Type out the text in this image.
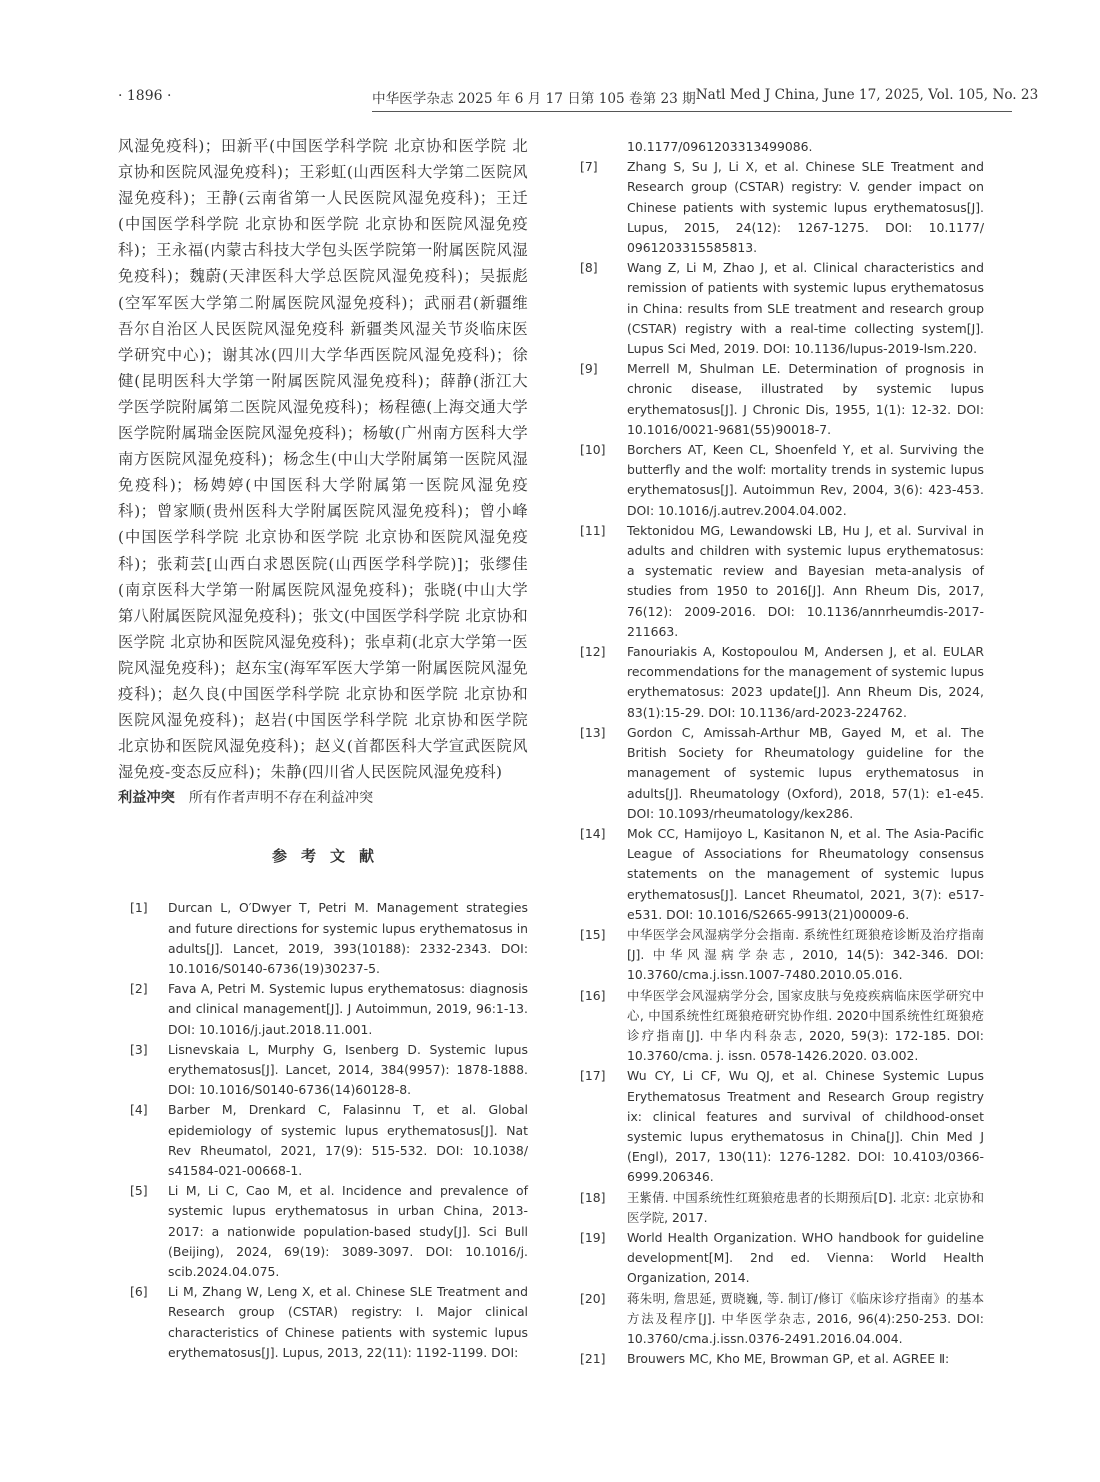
· 1896 ·	中华医学杂志 2025 年 6 月 17 日第 105 卷第 23 期 Natl Med J China, June 17, 2025, Vol. 105, No. 23

风湿免疫科)；田新平(中国医学科学院 北京协和医学院 北京协和医院风湿免疫科)；王彩虹(山西医科大学第二医院风湿免疫科)；王静(云南省第一人民医院风湿免疫科)；王迁(中国医学科学院 北京协和医学院 北京协和医院风湿免疫科)；王永福(内蒙古科技大学包头医学院第一附属医院风湿免疫科)；魏蔚(天津医科大学总医院风湿免疫科)；吴振彪(空军军医大学第二附属医院风湿免疫科)；武丽君(新疆维吾尔自治区人民医院风湿免疫科 新疆类风湿关节炎临床医学研究中心)；谢其冰(四川大学华西医院风湿免疫科)；徐健(昆明医科大学第一附属医院风湿免疫科)；薛静(浙江大学医学院附属第二医院风湿免疫科)；杨程德(上海交通大学医学院附属瑞金医院风湿免疫科)；杨敏(广州南方医科大学南方医院风湿免疫科)；杨念生(中山大学附属第一医院风湿免疫科)；杨娉婷(中国医科大学附属第一医院风湿免疫科)；曾家顺(贵州医科大学附属医院风湿免疫科)；曾小峰(中国医学科学院 北京协和医学院 北京协和医院风湿免疫科)；张莉芸[山西白求恩医院(山西医学科学院)]；张缪佳(南京医科大学第一附属医院风湿免疫科)；张晓(中山大学第八附属医院风湿免疫科)；张文(中国医学科学院 北京协和医学院 北京协和医院风湿免疫科)；张卓莉(北京大学第一医院风湿免疫科)；赵东宝(海军军医大学第一附属医院风湿免疫科)；赵久良(中国医学科学院 北京协和医学院 北京协和医院风湿免疫科)；赵岩(中国医学科学院 北京协和医学院 北京协和医院风湿免疫科)；赵义(首都医科大学宣武医院风湿免疫-变态反应科)；朱静(四川省人民医院风湿免疫科)

利益冲突 所有作者声明不存在利益冲突

参考文献
[1]	Durcan L, O′Dwyer T, Petri M. Management strategies and future directions for systemic lupus erythematosus in adults[J]. Lancet, 2019, 393(10188): 2332-2343. DOI: 10.1016/S0140-6736(19)30237-5.
[2]	Fava A, Petri M. Systemic lupus erythematosus: diagnosis and clinical management[J]. J Autoimmun, 2019, 96:1-13. DOI: 10.1016/j.jaut.2018.11.001.
[3]	Lisnevskaia L, Murphy G, Isenberg D. Systemic lupus erythematosus[J]. Lancet, 2014, 384(9957): 1878-1888. DOI: 10.1016/S0140-6736(14)60128-8.
[4]	Barber M, Drenkard C, Falasinnu T, et al. Global epidemiology of systemic lupus erythematosus[J]. Nat Rev Rheumatol, 2021, 17(9): 515-532. DOI: 10.1038/ s41584-021-00668-1.
[5]	Li M, Li C, Cao M, et al. Incidence and prevalence of systemic lupus erythematosus in urban China, 2013-2017: a nationwide population-based study[J]. Sci Bull (Beijing), 2024, 69(19): 3089-3097. DOI: 10.1016/j. scib.2024.04.075.
[6]	Li M, Zhang W, Leng X, et al. Chinese SLE Treatment and Research group (CSTAR) registry: I. Major clinical characteristics of Chinese patients with systemic lupus erythematosus[J]. Lupus, 2013, 22(11): 1192-1199. DOI:
10.1177/0961203313499086.
[7]	Zhang S, Su J, Li X, et al. Chinese SLE Treatment and Research group (CSTAR) registry: V. gender impact on Chinese patients with systemic lupus erythematosus[J]. Lupus, 2015, 24(12): 1267-1275. DOI: 10.1177/ 0961203315585813.
[8]	Wang Z, Li M, Zhao J, et al. Clinical characteristics and remission of patients with systemic lupus erythematosus in China: results from SLE treatment and research group (CSTAR) registry with a real-time collecting system[J]. Lupus Sci Med, 2019. DOI: 10.1136/lupus-2019-lsm.220.
[9]	Merrell M, Shulman LE. Determination of prognosis in chronic disease, illustrated by systemic lupus erythematosus[J]. J Chronic Dis, 1955, 1(1): 12-32. DOI: 10.1016/0021-9681(55)90018-7.
[10]	Borchers AT, Keen CL, Shoenfeld Y, et al. Surviving the butterfly and the wolf: mortality trends in systemic lupus erythematosus[J]. Autoimmun Rev, 2004, 3(6): 423-453. DOI: 10.1016/j.autrev.2004.04.002.
[11]	Tektonidou MG, Lewandowski LB, Hu J, et al. Survival in adults and children with systemic lupus erythematosus: a systematic review and Bayesian meta-analysis of studies from 1950 to 2016[J]. Ann Rheum Dis, 2017, 76(12): 2009-2016. DOI: 10.1136/annrheumdis-2017-211663.
[12]	Fanouriakis A, Kostopoulou M, Andersen J, et al. EULAR recommendations for the management of systemic lupus erythematosus: 2023 update[J]. Ann Rheum Dis, 2024, 83(1):15-29. DOI: 10.1136/ard-2023-224762.
[13]	Gordon C, Amissah-Arthur MB, Gayed M, et al. The British Society for Rheumatology guideline for the management of systemic lupus erythematosus in adults[J]. Rheumatology (Oxford), 2018, 57(1): e1-e45. DOI: 10.1093/rheumatology/kex286.
[14]	Mok CC, Hamijoyo L, Kasitanon N, et al. The Asia-Pacific League of Associations for Rheumatology consensus statements on the management of systemic lupus erythematosus[J]. Lancet Rheumatol, 2021, 3(7): e517-e531. DOI: 10.1016/S2665-9913(21)00009-6.
[15]	中华医学会风湿病学分会指南. 系统性红斑狼疮诊断及治疗指南[J]. 中华风湿病学杂志, 2010, 14(5): 342-346. DOI: 10.3760/cma.j.issn.1007-7480.2010.05.016.
[16]	中华医学会风湿病学分会, 国家皮肤与免疫疾病临床医学研究中心, 中国系统性红斑狼疮研究协作组. 2020中国系统性红斑狼疮诊疗指南[J]. 中华内科杂志, 2020, 59(3): 172-185. DOI: 10.3760/cma. j. issn. 0578-1426.2020. 03.002.
[17]	Wu CY, Li CF, Wu QJ, et al. Chinese Systemic Lupus Erythematosus Treatment and Research Group registry ix: clinical features and survival of childhood-onset systemic lupus erythematosus in China[J]. Chin Med J (Engl), 2017, 130(11): 1276-1282. DOI: 10.4103/0366-6999.206346.
[18]	王紫倩. 中国系统性红斑狼疮患者的长期预后[D]. 北京: 北京协和医学院, 2017.
[19]	World Health Organization. WHO handbook for guideline development[M]. 2nd ed. Vienna: World Health Organization, 2014.
[20]	蒋朱明, 詹思延, 贾晓巍, 等. 制订/修订《临床诊疗指南》的基本方法及程序[J]. 中华医学杂志, 2016, 96(4):250-253. DOI: 10.3760/cma.j.issn.0376-2491.2016.04.004.
[21]	Brouwers MC, Kho ME, Browman GP, et al. AGREE Ⅱ:
